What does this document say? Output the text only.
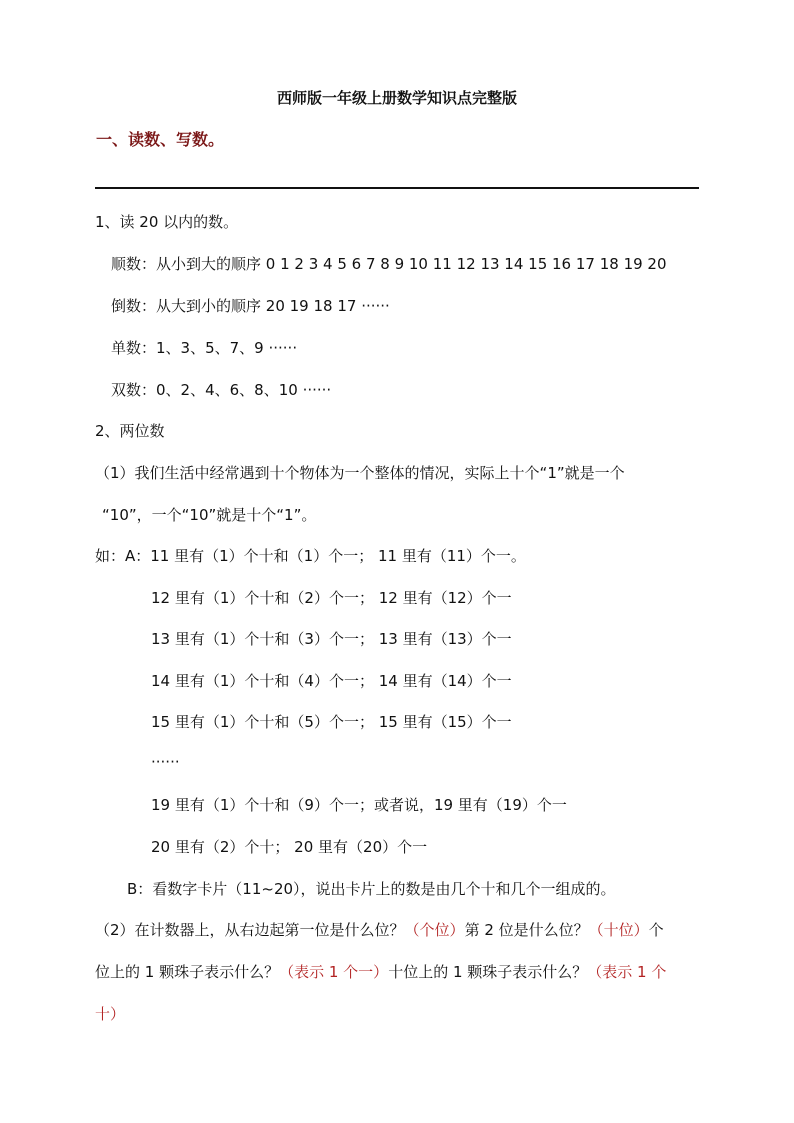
西师版一年级上册数学知识点完整版
一、读数、写数。
1、读 20 以内的数。
顺数：从小到大的顺序 0 1 2 3 4 5 6 7 8 9 10 11 12 13 14 15 16 17 18 19 20
倒数：从大到小的顺序 20 19 18 17 ······
单数：1、3、5、7、9 ······
双数：0、2、4、6、8、10 ······
2、两位数
（1）我们生活中经常遇到十个物体为一个整体的情况，实际上十个“1”就是一个
“10”，一个“10”就是十个“1”。
如：A：11 里有（1）个十和（1）个一； 11 里有（11）个一。
12 里有（1）个十和（2）个一； 12 里有（12）个一
13 里有（1）个十和（3）个一； 13 里有（13）个一
14 里有（1）个十和（4）个一； 14 里有（14）个一
15 里有（1）个十和（5）个一； 15 里有（15）个一
······
19 里有（1）个十和（9）个一；或者说，19 里有（19）个一
20 里有（2）个十； 20 里有（20）个一
B：看数字卡片（11~20），说出卡片上的数是由几个十和几个一组成的。
（2）在计数器上，从右边起第一位是什么位？（个位）第 2 位是什么位？（十位）个
位上的 1 颗珠子表示什么？（表示 1 个一）十位上的 1 颗珠子表示什么？（表示 1 个
十）
